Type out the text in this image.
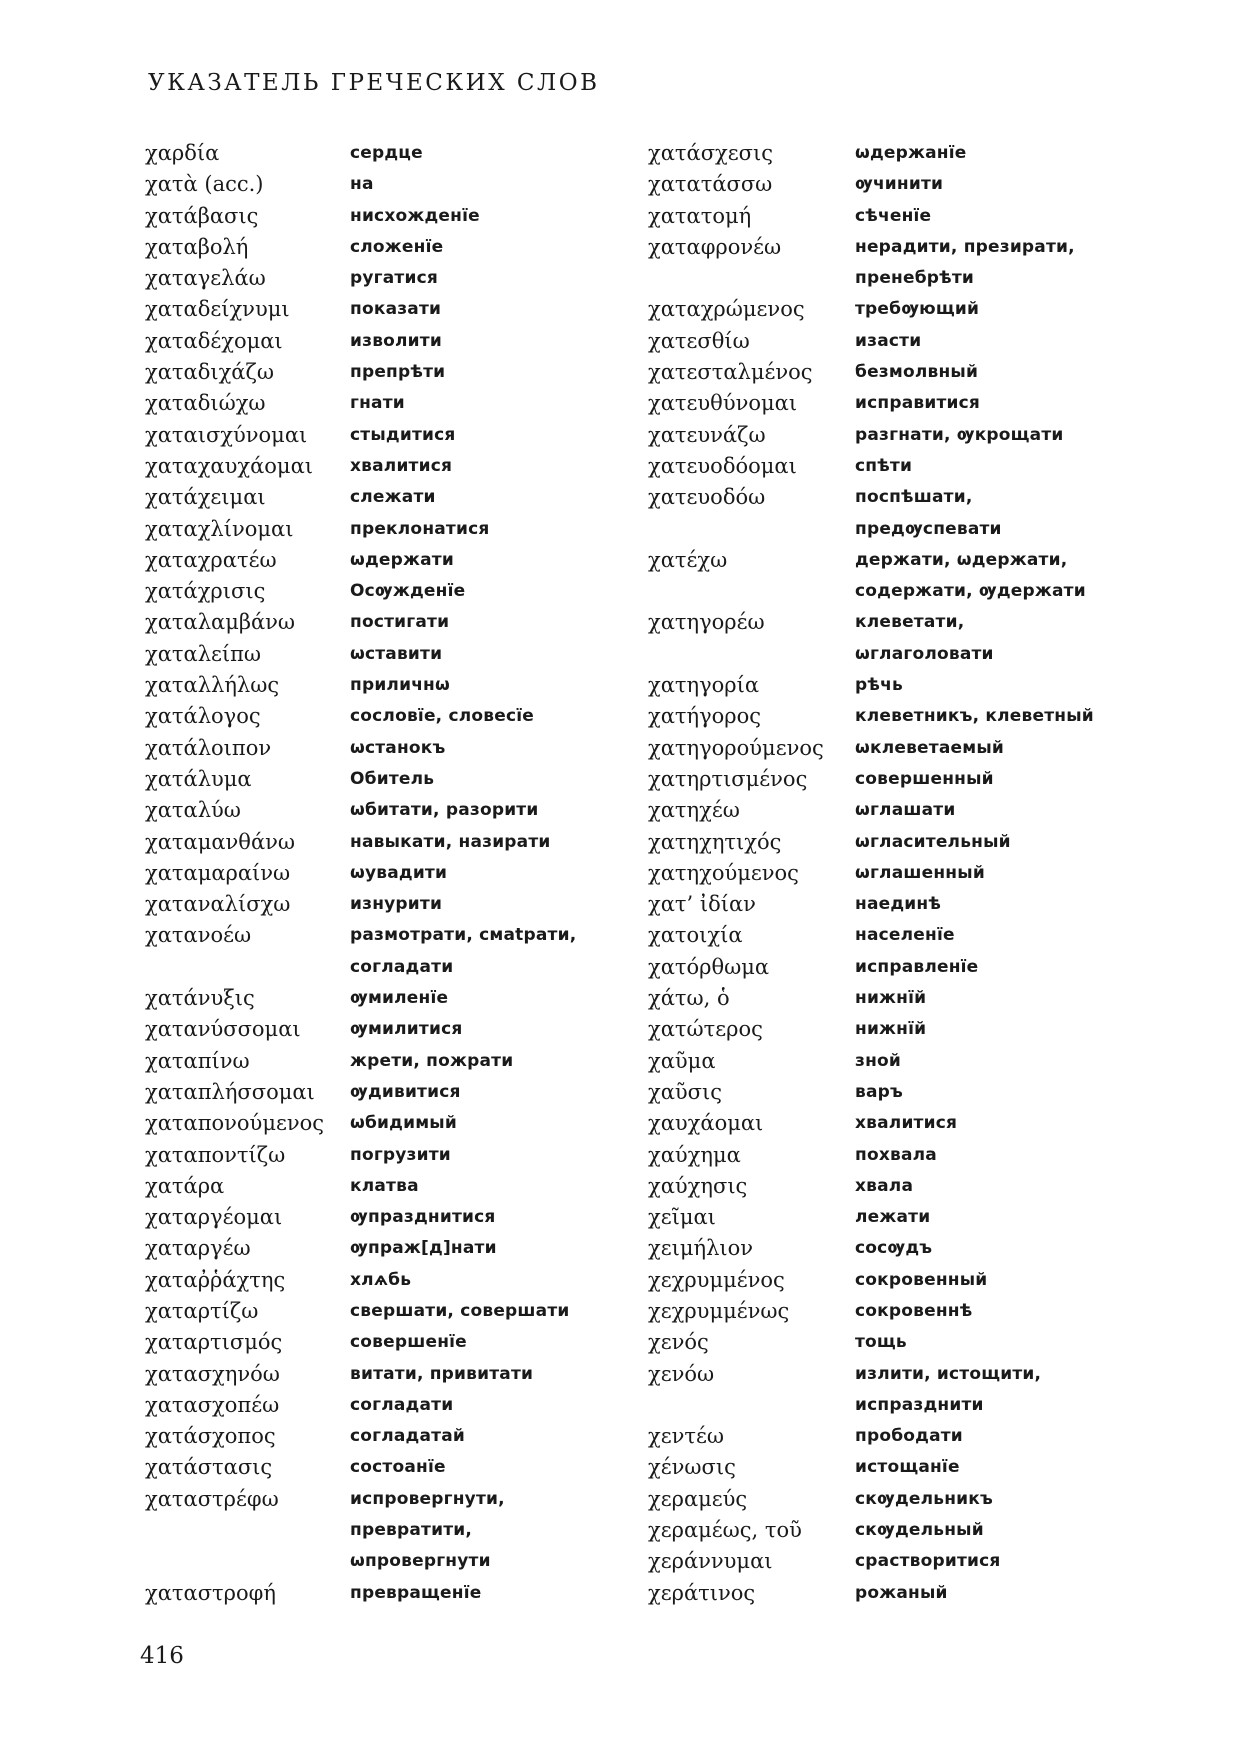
УКАЗАТЕЛЬ ГРЕЧЕСКИХ СЛОВ
χαρδία	сердце
χατὰ (acc.)	на
χατάβασις	нисхожденїе
χαταβολή	сложенїе
χαταγελάω	ругатися
χαταδείχνυμι	показати
χαταδέχομαι	изволити
χαταδιχάζω	препрѣти
χαταδιώχω	гнати
χαταισχύνομαι	стыдитися
χαταχαυχάομαι	хвалитися
χατάχειμαι	слежати
χαταχλίνομαι	преклонатися
χαταχρατέω	ѡдержати
χατάχρισις	Осѹжденїе
χαταλαμβάνω	постигати
χαταλείπω	ѡставити
χαταλλήλως	приличнω
χατάλογος	сословїе, словесїе
χατάλοιπον	ѡстанокъ
χατάλυμα	Обитель
χαταλύω	ѡбитати, разорити
χαταμανθάνω	навыкати, назирати
χαταμαραίνω	ѡувадити
χαταναλίσχω	изнурити
χατανοέω	размотрати, смаtрати,
согладати
χατάνυξις	ѹмиленїе
χατανύσσομαι	ѹмилитися
χαταπίνω	жрети, пожрати
χαταπλήσσομαι	ѹдивитися
χαταπονούμενος	ѡбидимый
χαταποντίζω	погрузити
χατάρα	клатва
χαταργέομαι	ѹпразднитися
χαταργέω	ѹпраж[д]нати
χαταῤῥάχτης	хлѧбь
χαταρτίζω	свершати, совершати
χαταρτισμός	совершенїе
χατασχηνόω	витати, привитати
χατασχοπέω	согладати
χατάσχοπος	согладатай
χατάστασις	состоанїе
χαταστρέφω	испровергнути,
превратити,
ѡпровергнути
χαταστροφή	превращенїе
χατάσχεσις	ѡдержанїе
χατατάσσω	ѹчинити
χατατομή	сѣченїе
χαταφρονέω	нерадити, презирати,
пренебрѣти
χαταχρώμενος	требѹющий
χατεσθίω	изасти
χατεσταλμένος	безмолвный
χατευθύνομαι	исправитися
χατευνάζω	разгнати, ѹкрощати
χατευοδόομαι	спѣти
χατευοδόω	поспѣшати,
предѹспевати
χατέχω	держати, ѡдержати,
содержати, ѹдержати
χατηγορέω	клеветати,
ѡглаголовати
χατηγορία	рѣчь
χατήγορος	клеветникъ, клеветный
χατηγορούμενος	ѡклеветаемый
χατηρτισμένος	совершенный
χατηχέω	ѡглашати
χατηχητιχός	ѡгласительный
χατηχούμενος	ѡглашенный
χατ’ ἰδίαν	наединѣ
χατοιχία	населенїе
χατόρθωμα	исправленїе
χάτω, ὁ	нижнїй
χατώτερος	нижнїй
χαῦμα	зной
χαῦσις	варъ
χαυχάομαι	хвалитися
χαύχημα	похвала
χαύχησις	хвала
χεῖμαι	лежати
χειμήλιον	сосѹдъ
χεχρυμμένος	сокровенный
χεχρυμμένως	сокровеннѣ
χενός	тощь
χενόω	излити, истощити,
испразднити
χεντέω	прободати
χένωσις	истощанїе
χεραμεύς	скѹдельникъ
χεραμέως, τοῦ	скѹдельный
χεράννυμαι	срастворитися
χεράτινος	рожаный
416
